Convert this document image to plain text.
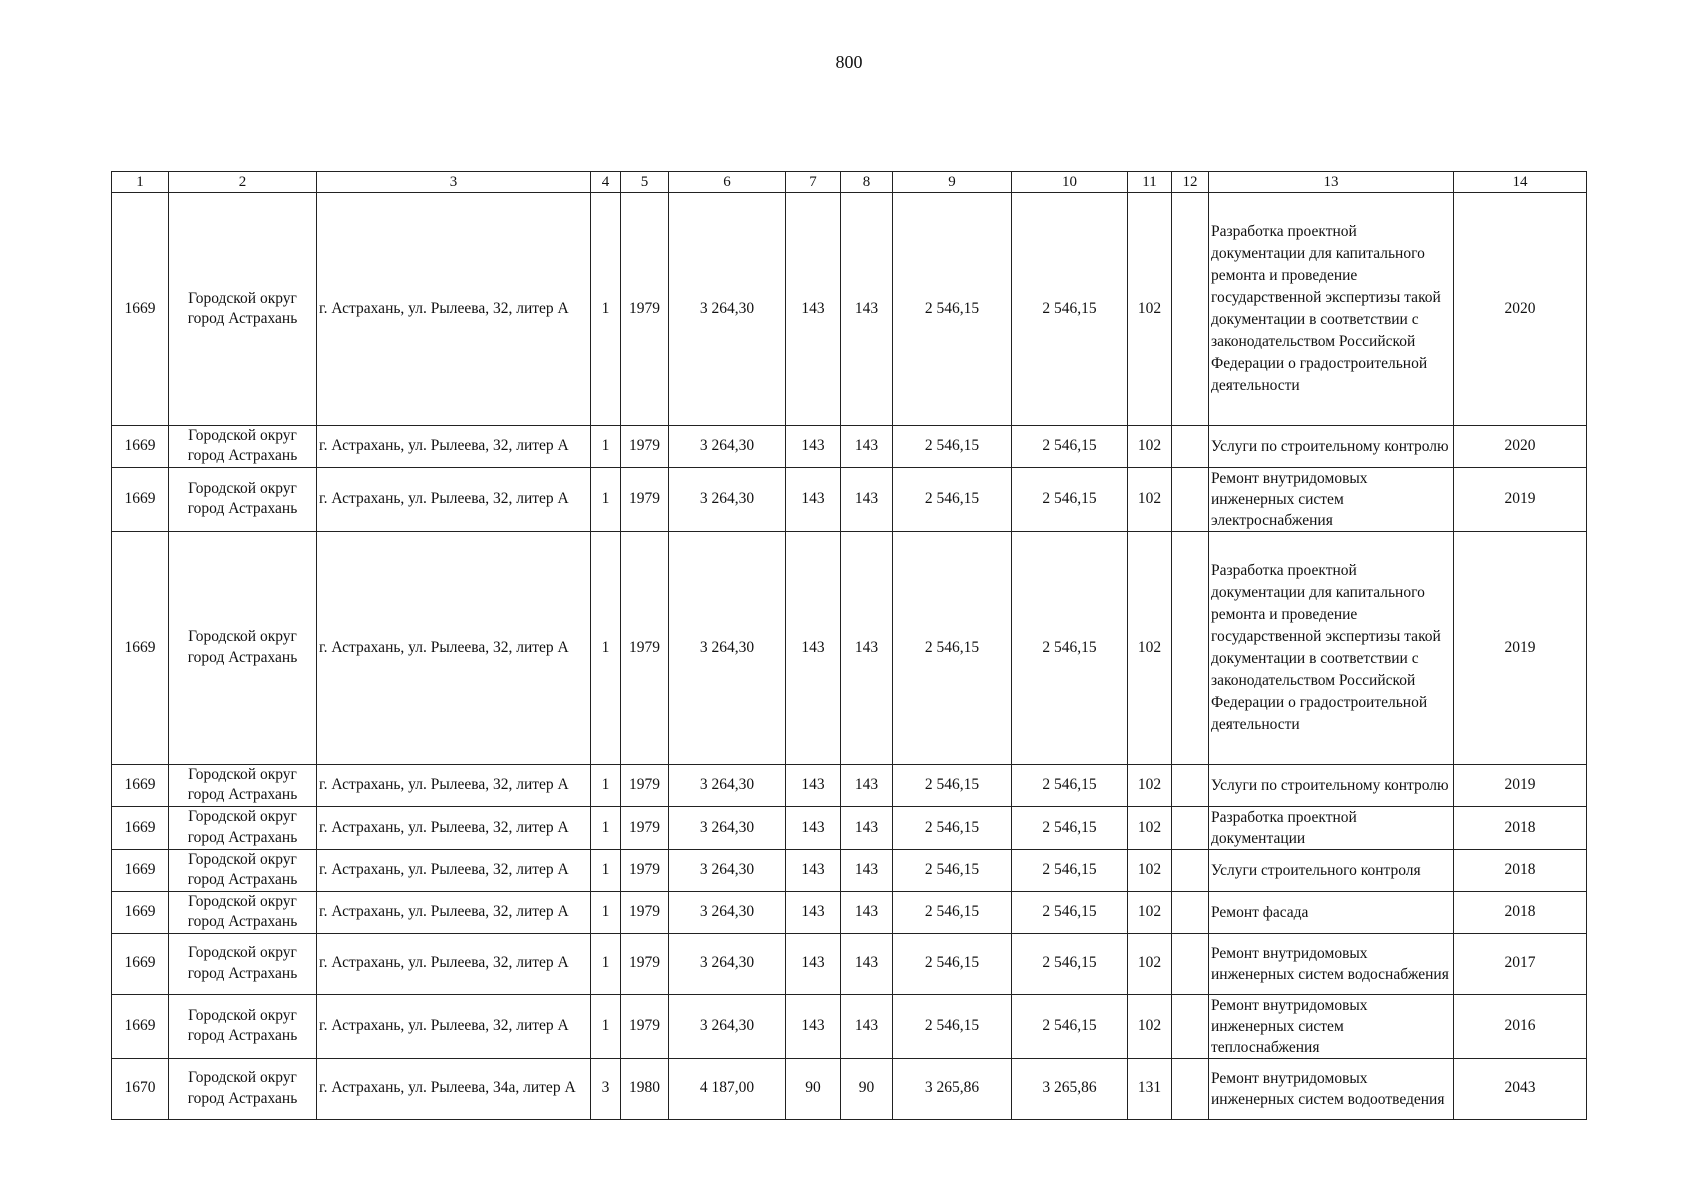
800
1	2	3	4	5	6	7	8	9	10	11	12	13	14
1669	Городской округ город Астрахань	г. Астрахань, ул. Рылеева, 32, литер А	1	1979	3 264,30	143	143	2 546,15	2 546,15	102		Разработка проектной документации для капитального ремонта и проведение государственной экспертизы такой документации в соответствии с законодательством Российской Федерации о градостроительной деятельности	2020
1669	Городской округ город Астрахань	г. Астрахань, ул. Рылеева, 32, литер А	1	1979	3 264,30	143	143	2 546,15	2 546,15	102		Услуги по строительному контролю	2020
1669	Городской округ город Астрахань	г. Астрахань, ул. Рылеева, 32, литер А	1	1979	3 264,30	143	143	2 546,15	2 546,15	102		Ремонт внутридомовых инженерных систем электроснабжения	2019
1669	Городской округ город Астрахань	г. Астрахань, ул. Рылеева, 32, литер А	1	1979	3 264,30	143	143	2 546,15	2 546,15	102		Разработка проектной документации для капитального ремонта и проведение государственной экспертизы такой документации в соответствии с законодательством Российской Федерации о градостроительной деятельности	2019
1669	Городской округ город Астрахань	г. Астрахань, ул. Рылеева, 32, литер А	1	1979	3 264,30	143	143	2 546,15	2 546,15	102		Услуги по строительному контролю	2019
1669	Городской округ город Астрахань	г. Астрахань, ул. Рылеева, 32, литер А	1	1979	3 264,30	143	143	2 546,15	2 546,15	102		Разработка проектной документации	2018
1669	Городской округ город Астрахань	г. Астрахань, ул. Рылеева, 32, литер А	1	1979	3 264,30	143	143	2 546,15	2 546,15	102		Услуги строительного контроля	2018
1669	Городской округ город Астрахань	г. Астрахань, ул. Рылеева, 32, литер А	1	1979	3 264,30	143	143	2 546,15	2 546,15	102		Ремонт фасада	2018
1669	Городской округ город Астрахань	г. Астрахань, ул. Рылеева, 32, литер А	1	1979	3 264,30	143	143	2 546,15	2 546,15	102		Ремонт внутридомовых инженерных систем водоснабжения	2017
1669	Городской округ город Астрахань	г. Астрахань, ул. Рылеева, 32, литер А	1	1979	3 264,30	143	143	2 546,15	2 546,15	102		Ремонт внутридомовых инженерных систем теплоснабжения	2016
1670	Городской округ город Астрахань	г. Астрахань, ул. Рылеева, 34а, литер А	3	1980	4 187,00	90	90	3 265,86	3 265,86	131		Ремонт внутридомовых инженерных систем водоотведения	2043
